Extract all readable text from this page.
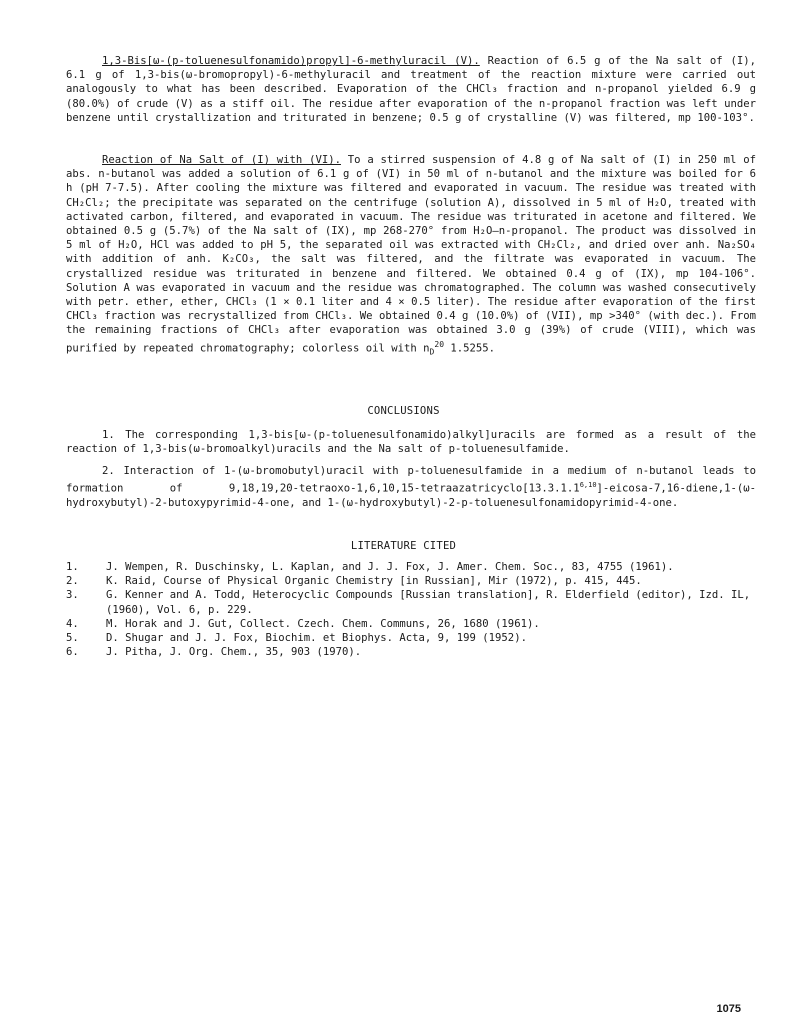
1,3-Bis[ω-(p-toluenesulfonamido)propyl]-6-methyluracil (V). Reaction of 6.5 g of the Na salt of (I), 6.1 g of 1,3-bis(ω-bromopropyl)-6-methyluracil and treatment of the reaction mixture were carried out analogously to what has been described. Evaporation of the CHCl₃ fraction and n-propanol yielded 6.9 g (80.0%) of crude (V) as a stiff oil. The residue after evaporation of the n-propanol fraction was left under benzene until crystallization and triturated in benzene; 0.5 g of crystalline (V) was filtered, mp 100-103°.

Reaction of Na Salt of (I) with (VI). To a stirred suspension of 4.8 g of Na salt of (I) in 250 ml of abs. n-butanol was added a solution of 6.1 g of (VI) in 50 ml of n-butanol and the mixture was boiled for 6 h (pH 7-7.5). After cooling the mixture was filtered and evaporated in vacuum. The residue was treated with CH₂Cl₂; the precipitate was separated on the centrifuge (solution A), dissolved in 5 ml of H₂O, treated with activated carbon, filtered, and evaporated in vacuum. The residue was triturated in acetone and filtered. We obtained 0.5 g (5.7%) of the Na salt of (IX), mp 268-270° from H₂O—n-propanol. The product was dissolved in 5 ml of H₂O, HCl was added to pH 5, the separated oil was extracted with CH₂Cl₂, and dried over anh. Na₂SO₄ with addition of anh. K₂CO₃, the salt was filtered, and the filtrate was evaporated in vacuum. The crystallized residue was triturated in benzene and filtered. We obtained 0.4 g of (IX), mp 104-106°. Solution A was evaporated in vacuum and the residue was chromatographed. The column was washed consecutively with petr. ether, ether, CHCl₃ (1 × 0.1 liter and 4 × 0.5 liter). The residue after evaporation of the first CHCl₃ fraction was recrystallized from CHCl₃. We obtained 0.4 g (10.0%) of (VII), mp >340° (with dec.). From the remaining fractions of CHCl₃ after evaporation was obtained 3.0 g (39%) of crude (VIII), which was purified by repeated chromatography; colorless oil with $n_D^{20}$ 1.5255.

CONCLUSIONS

1. The corresponding 1,3-bis[ω-(p-toluenesulfonamido)alkyl]uracils are formed as a result of the reaction of 1,3-bis(ω-bromoalkyl)uracils and the Na salt of p-toluenesulfamide.

2. Interaction of 1-(ω-bromobutyl)uracil with p-toluenesulfamide in a medium of n-butanol leads to formation of 9,18,19,20-tetraoxo-1,6,10,15-tetraazatricyclo[13.3.1.1$^{6,10}$]-eicosa-7,16-diene,1-(ω-hydroxybutyl)-2-butoxypyrimid-4-one, and 1-(ω-hydroxybutyl)-2-p-toluenesulfonamidopyrimid-4-one.

LITERATURE CITED

1.	J. Wempen, R. Duschinsky, L. Kaplan, and J. J. Fox, J. Amer. Chem. Soc., 83, 4755 (1961).
2.	K. Raid, Course of Physical Organic Chemistry [in Russian], Mir (1972), p. 415, 445.
3.	G. Kenner and A. Todd, Heterocyclic Compounds [Russian translation], R. Elderfield (editor), Izd. IL, (1960), Vol. 6, p. 229.
4.	M. Horak and J. Gut, Collect. Czech. Chem. Communs, 26, 1680 (1961).
5.	D. Shugar and J. J. Fox, Biochim. et Biophys. Acta, 9, 199 (1952).
6.	J. Pitha, J. Org. Chem., 35, 903 (1970).
1075
